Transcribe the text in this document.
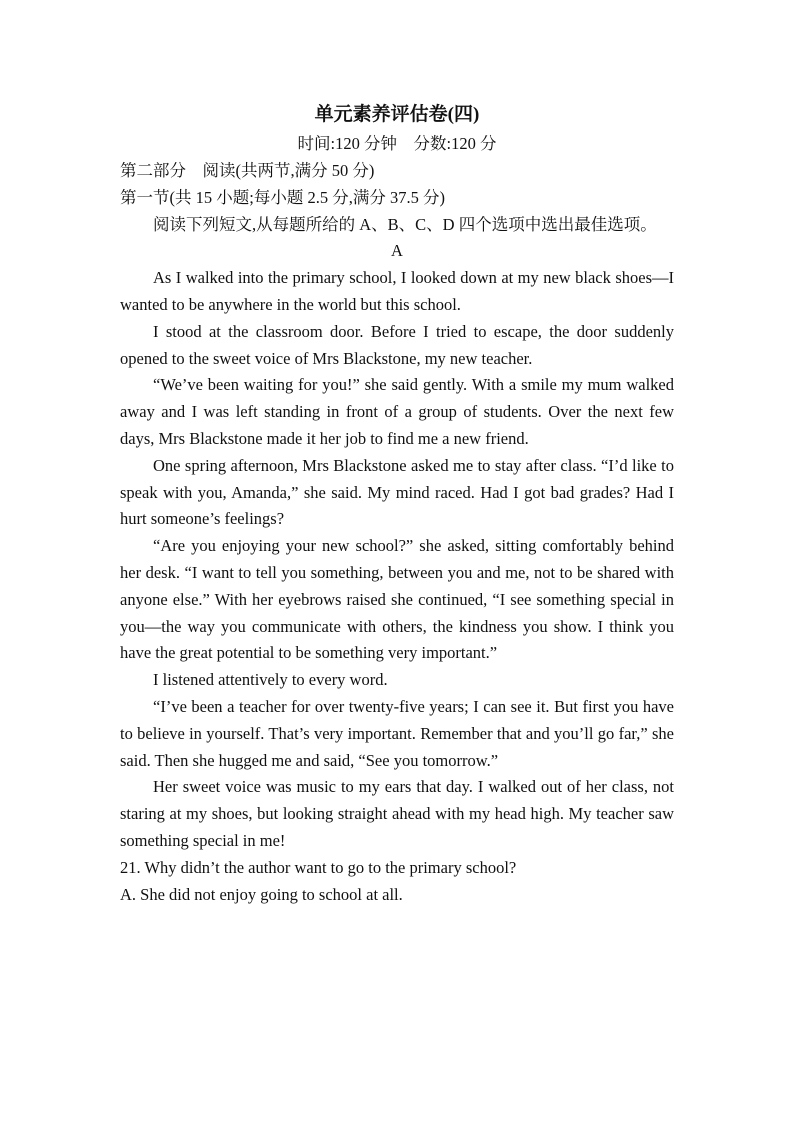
单元素养评估卷(四)

时间:120 分钟    分数:120 分

第二部分    阅读(共两节,满分 50 分)

第一节(共 15 小题;每小题 2.5 分,满分 37.5 分)

阅读下列短文,从每题所给的 A、B、C、D 四个选项中选出最佳选项。

A

As I walked into the primary school, I looked down at my new black shoes—I wanted to be anywhere in the world but this school.

I stood at the classroom door. Before I tried to escape, the door suddenly opened to the sweet voice of Mrs Blackstone, my new teacher.

“We’ve been waiting for you!” she said gently. With a smile my mum walked away and I was left standing in front of a group of students. Over the next few days, Mrs Blackstone made it her job to find me a new friend.

One spring afternoon, Mrs Blackstone asked me to stay after class. “I’d like to speak with you, Amanda,” she said. My mind raced. Had I got bad grades? Had I hurt someone’s feelings?

“Are you enjoying your new school?” she asked, sitting comfortably behind her desk. “I want to tell you something, between you and me, not to be shared with anyone else.” With her eyebrows raised she continued, “I see something special in you—the way you communicate with others, the kindness you show. I think you have the great potential to be something very important.”

I listened attentively to every word.

“I’ve been a teacher for over twenty-five years; I can see it. But first you have to believe in yourself. That’s very important. Remember that and you’ll go far,” she said. Then she hugged me and said, “See you tomorrow.”

Her sweet voice was music to my ears that day. I walked out of her class, not staring at my shoes, but looking straight ahead with my head high. My teacher saw something special in me!

21. Why didn’t the author want to go to the primary school?

A. She did not enjoy going to school at all.
